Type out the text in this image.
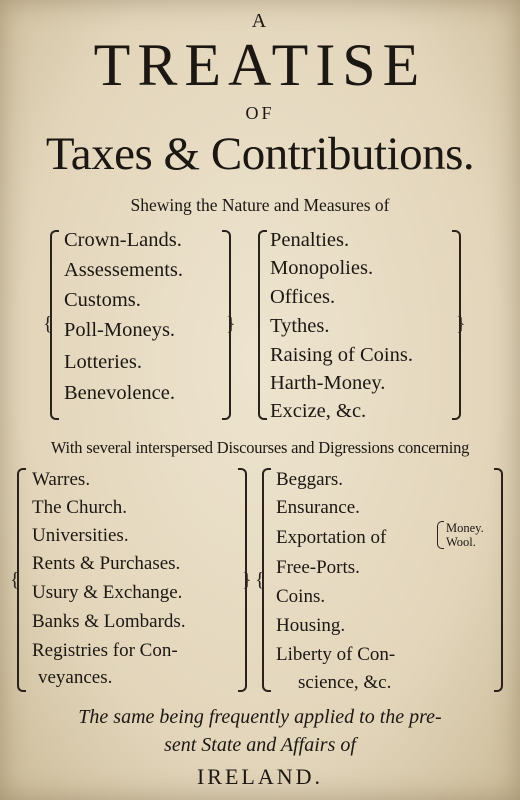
A
TREATISE
OF
Taxes & Contributions.
Shewing the Nature and Measures of
{	}	}
Crown-Lands.
Assessements.
Customs.
Poll-Moneys.
Lotteries.
Benevolence.
Penalties.
Monopolies.
Offices.
Tythes.
Raising of Coins.
Harth-Money.
Excize, &c.
With several interspersed Discourses and Digressions concerning
{	} {
Warres.
The Church.
Universities.
Rents & Purchases.
Usury & Exchange.
Banks & Lombards.
Registries for Con-
veyances.
Beggars.
Ensurance.
Exportation of
Free-Ports.
Coins.
Housing.
Liberty of Con-
science, &c.
Money.
Wool.
The same being frequently applied to the pre-
sent State and Affairs of
IRELAND.
